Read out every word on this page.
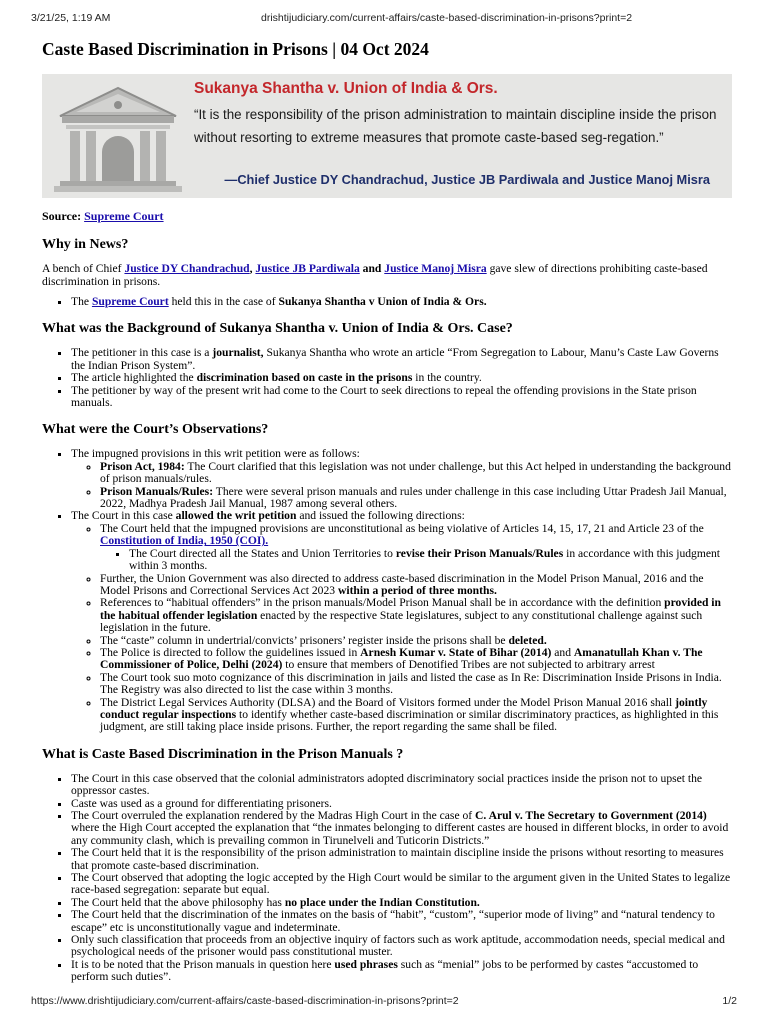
3/21/25, 1:19 AM	drishtijudiciary.com/current-affairs/caste-based-discrimination-in-prisons?print=2
Caste Based Discrimination in Prisons | 04 Oct 2024
Sukanya Shantha v. Union of India & Ors.
“It is the responsibility of the prison administration to maintain discipline inside the prison without resorting to extreme measures that promote caste-based seg-regation.”
—Chief Justice DY Chandrachud, Justice JB Pardiwala and Justice Manoj Misra
Source: Supreme Court
Why in News?

A bench of Chief Justice DY Chandrachud, Justice JB Pardiwala and Justice Manoj Misra gave slew of directions prohibiting caste-based discrimination in prisons.

▪ The Supreme Court held this in the case of Sukanya Shantha v Union of India & Ors.
What was the Background of Sukanya Shantha v. Union of India & Ors. Case?
▪ The petitioner in this case is a journalist, Sukanya Shantha who wrote an article “From Segregation to Labour, Manu’s Caste Law Governs the Indian Prison System”.
▪ The article highlighted the discrimination based on caste in the prisons in the country.
▪ The petitioner by way of the present writ had come to the Court to seek directions to repeal the offending provisions in the State prison manuals.
What were the Court’s Observations?
▪ The impugned provisions in this writ petition were as follows:
◦ Prison Act, 1984: The Court clarified that this legislation was not under challenge, but this Act helped in understanding the background of prison manuals/rules.
◦ Prison Manuals/Rules: There were several prison manuals and rules under challenge in this case including Uttar Pradesh Jail Manual, 2022, Madhya Pradesh Jail Manual, 1987 among several others.
▪ The Court in this case allowed the writ petition and issued the following directions:
◦ The Court held that the impugned provisions are unconstitutional as being violative of Articles 14, 15, 17, 21 and Article 23 of the Constitution of India, 1950 (COI).
▪ The Court directed all the States and Union Territories to revise their Prison Manuals/Rules in accordance with this judgment within 3 months.
◦ Further, the Union Government was also directed to address caste-based discrimination in the Model Prison Manual, 2016 and the Model Prisons and Correctional Services Act 2023 within a period of three months.
◦ References to “habitual offenders” in the prison manuals/Model Prison Manual shall be in accordance with the definition provided in the habitual offender legislation enacted by the respective State legislatures, subject to any constitutional challenge against such legislation in the future.
◦ The “caste” column in undertrial/convicts’ prisoners’ register inside the prisons shall be deleted.
◦ The Police is directed to follow the guidelines issued in Arnesh Kumar v. State of Bihar (2014) and Amanatullah Khan v. The Commissioner of Police, Delhi (2024) to ensure that members of Denotified Tribes are not subjected to arbitrary arrest
◦ The Court took suo moto cognizance of this discrimination in jails and listed the case as In Re: Discrimination Inside Prisons in India. The Registry was also directed to list the case within 3 months.
◦ The District Legal Services Authority (DLSA) and the Board of Visitors formed under the Model Prison Manual 2016 shall jointly conduct regular inspections to identify whether caste-based discrimination or similar discriminatory practices, as highlighted in this judgment, are still taking place inside prisons. Further, the report regarding the same shall be filed.
What is Caste Based Discrimination in the Prison Manuals ?
▪ The Court in this case observed that the colonial administrators adopted discriminatory social practices inside the prison not to upset the oppressor castes.
▪ Caste was used as a ground for differentiating prisoners.
▪ The Court overruled the explanation rendered by the Madras High Court in the case of C. Arul v. The Secretary to Government (2014) where the High Court accepted the explanation that “the inmates belonging to different castes are housed in different blocks, in order to avoid any community clash, which is prevailing common in Tirunelveli and Tuticorin Districts.”
▪ The Court held that it is the responsibility of the prison administration to maintain discipline inside the prisons without resorting to measures that promote caste-based discrimination.
▪ The Court observed that adopting the logic accepted by the High Court would be similar to the argument given in the United States to legalize race-based segregation: separate but equal.
▪ The Court held that the above philosophy has no place under the Indian Constitution.
▪ The Court held that the discrimination of the inmates on the basis of “habit”, “custom”, “superior mode of living” and “natural tendency to escape” etc is unconstitutionally vague and indeterminate.
▪ Only such classification that proceeds from an objective inquiry of factors such as work aptitude, accommodation needs, special medical and psychological needs of the prisoner would pass constitutional muster.
▪ It is to be noted that the Prison manuals in question here used phrases such as “menial” jobs to be performed by castes “accustomed to perform such duties”.
https://www.drishtijudiciary.com/current-affairs/caste-based-discrimination-in-prisons?print=2	1/2
